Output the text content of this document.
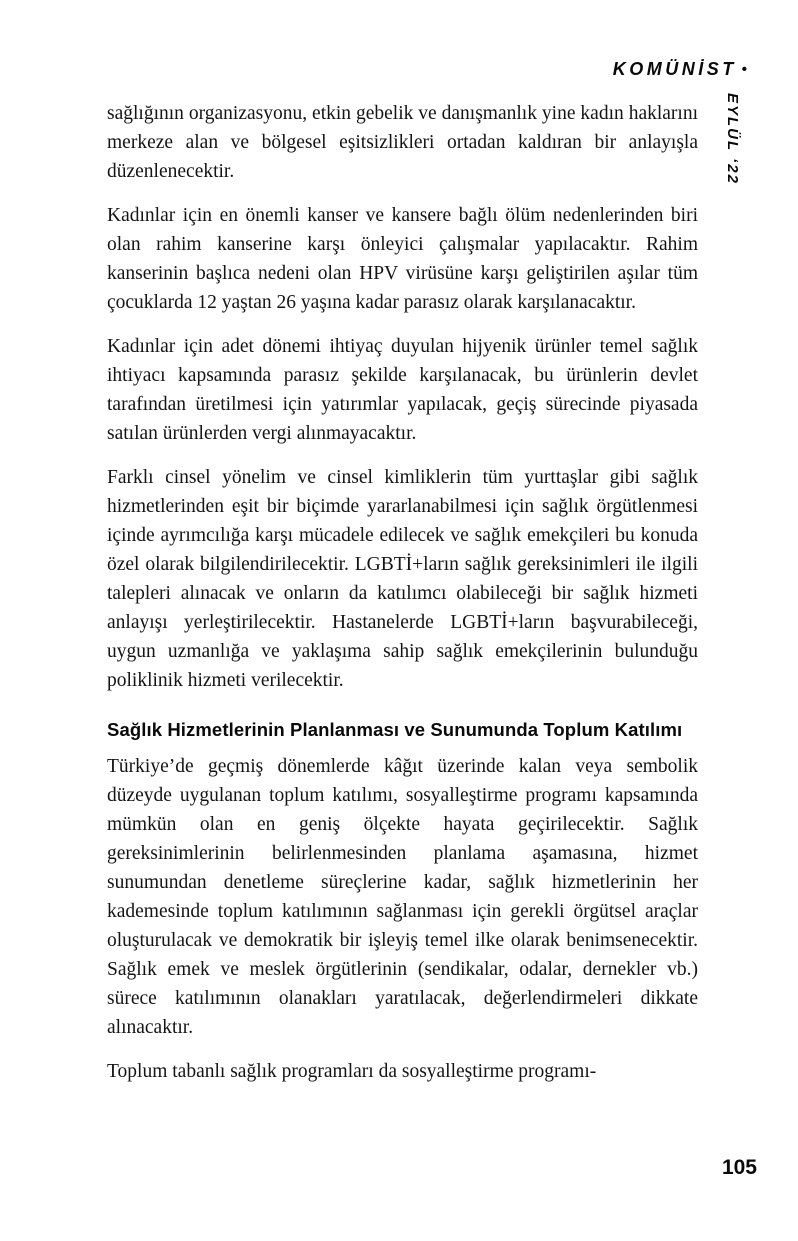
KOMÜNİST •
EYLÜL ‘22

sağlığının organizasyonu, etkin gebelik ve danışmanlık yine kadın haklarını merkeze alan ve bölgesel eşitsizlikleri ortadan kaldıran bir anlayışla düzenlenecektir.

Kadınlar için en önemli kanser ve kansere bağlı ölüm nedenlerinden biri olan rahim kanserine karşı önleyici çalışmalar yapılacaktır. Rahim kanserinin başlıca nedeni olan HPV virüsüne karşı geliştirilen aşılar tüm çocuklarda 12 yaştan 26 yaşına kadar parasız olarak karşılanacaktır.

Kadınlar için adet dönemi ihtiyaç duyulan hijyenik ürünler temel sağlık ihtiyacı kapsamında parasız şekilde karşılanacak, bu ürünlerin devlet tarafından üretilmesi için yatırımlar yapılacak, geçiş sürecinde piyasada satılan ürünlerden vergi alınmayacaktır.

Farklı cinsel yönelim ve cinsel kimliklerin tüm yurttaşlar gibi sağlık hizmetlerinden eşit bir biçimde yararlanabilmesi için sağlık örgütlenmesi içinde ayrımcılığa karşı mücadele edilecek ve sağlık emekçileri bu konuda özel olarak bilgilendirilecektir. LGBTİ+ların sağlık gereksinimleri ile ilgili talepleri alınacak ve onların da katılımcı olabileceği bir sağlık hizmeti anlayışı yerleştirilecektir. Hastanelerde LGBTİ+ların başvurabileceği, uygun uzmanlığa ve yaklaşıma sahip sağlık emekçilerinin bulunduğu poliklinik hizmeti verilecektir.

Sağlık Hizmetlerinin Planlanması ve Sunumunda Toplum Katılımı

Türkiye’de geçmiş dönemlerde kâğıt üzerinde kalan veya sembolik düzeyde uygulanan toplum katılımı, sosyalleştirme programı kapsamında mümkün olan en geniş ölçekte hayata geçirilecektir. Sağlık gereksinimlerinin belirlenmesinden planlama aşamasına, hizmet sunumundan denetleme süreçlerine kadar, sağlık hizmetlerinin her kademesinde toplum katılımının sağlanması için gerekli örgütsel araçlar oluşturulacak ve demokratik bir işleyiş temel ilke olarak benimsenecektir. Sağlık emek ve meslek örgütlerinin (sendikalar, odalar, dernekler vb.) sürece katılımının olanakları yaratılacak, değerlendirmeleri dikkate alınacaktır.

Toplum tabanlı sağlık programları da sosyalleştirme programı-

105
